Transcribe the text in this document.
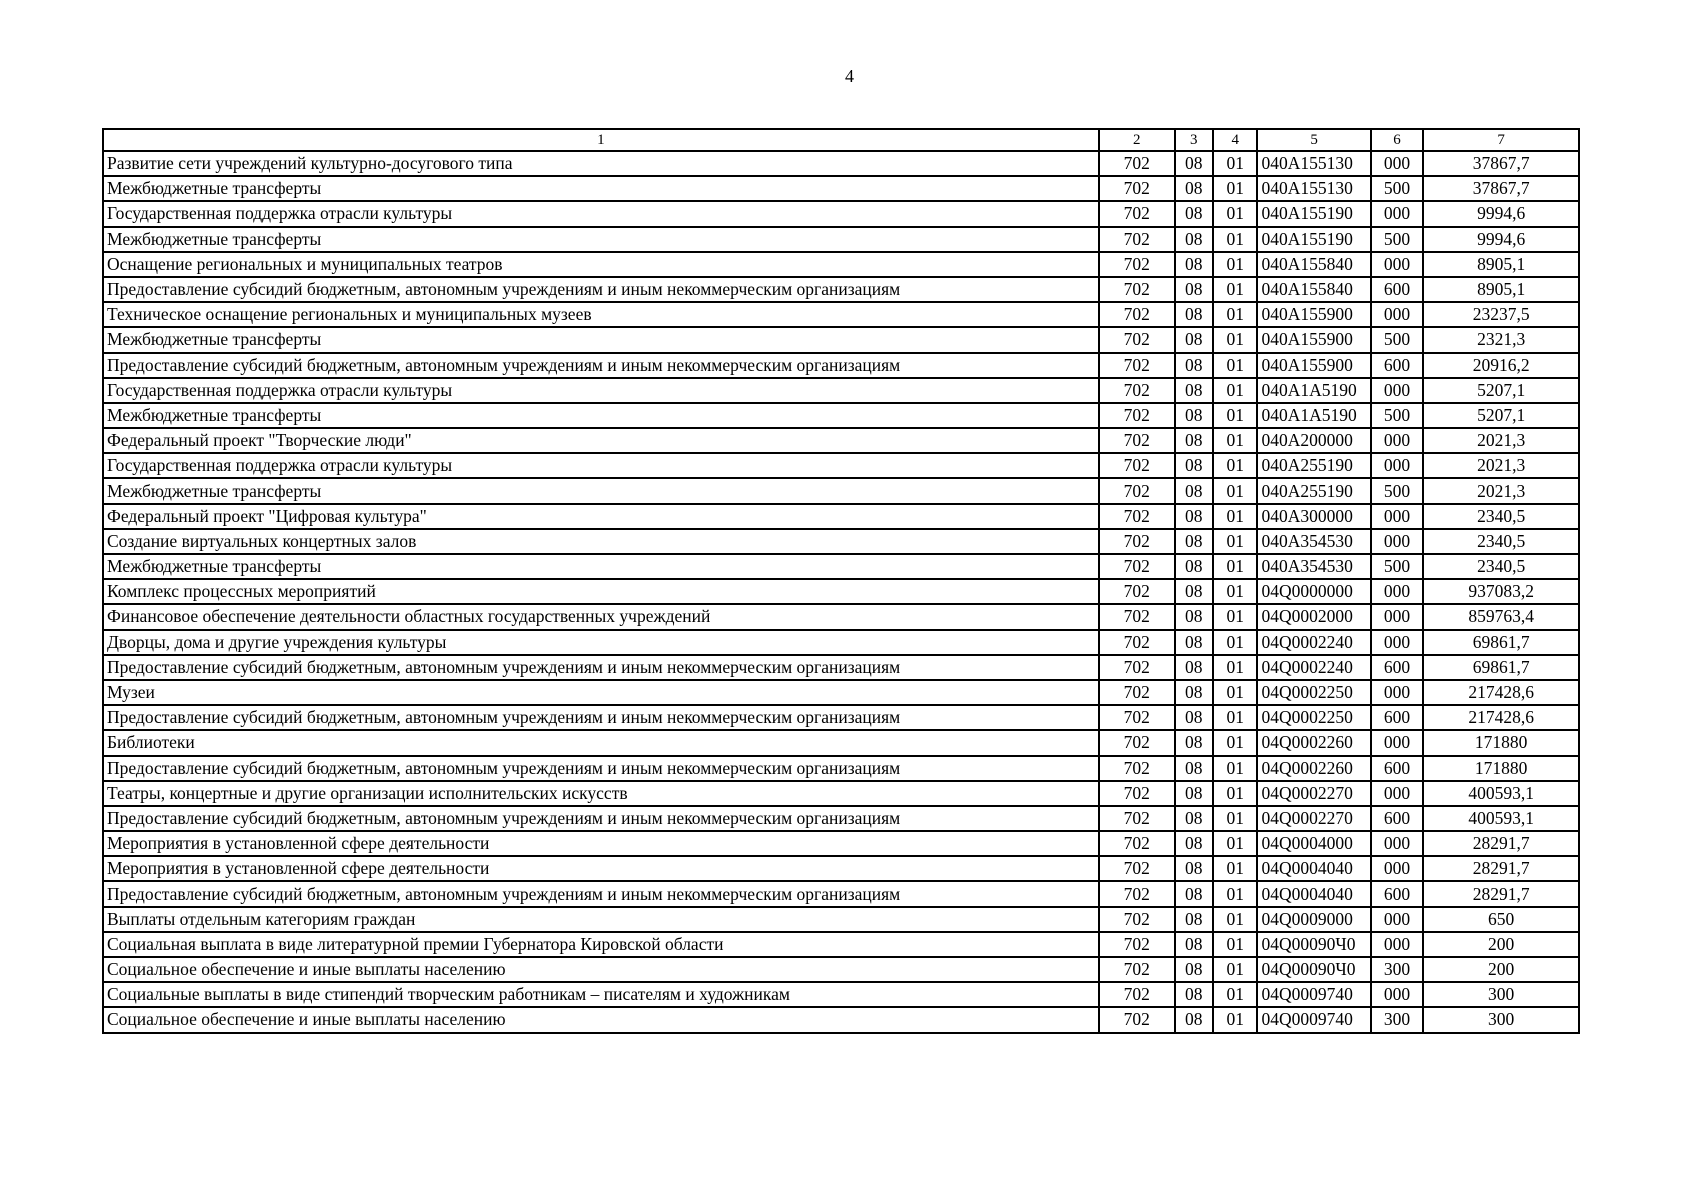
4
1	2	3	4	5	6	7
Развитие сети учреждений культурно-досугового типа	702	08	01	040A155130	000	37867,7
Межбюджетные трансферты	702	08	01	040A155130	500	37867,7
Государственная поддержка отрасли культуры	702	08	01	040A155190	000	9994,6
Межбюджетные трансферты	702	08	01	040A155190	500	9994,6
Оснащение региональных и муниципальных театров	702	08	01	040A155840	000	8905,1
Предоставление субсидий бюджетным, автономным учреждениям и иным некоммерческим организациям	702	08	01	040A155840	600	8905,1
Техническое оснащение региональных и муниципальных музеев	702	08	01	040A155900	000	23237,5
Межбюджетные трансферты	702	08	01	040A155900	500	2321,3
Предоставление субсидий бюджетным, автономным учреждениям и иным некоммерческим организациям	702	08	01	040A155900	600	20916,2
Государственная поддержка отрасли культуры	702	08	01	040A1A5190	000	5207,1
Межбюджетные трансферты	702	08	01	040A1A5190	500	5207,1
Федеральный проект "Творческие люди"	702	08	01	040A200000	000	2021,3
Государственная поддержка отрасли культуры	702	08	01	040A255190	000	2021,3
Межбюджетные трансферты	702	08	01	040A255190	500	2021,3
Федеральный проект "Цифровая культура"	702	08	01	040A300000	000	2340,5
Создание виртуальных концертных залов	702	08	01	040A354530	000	2340,5
Межбюджетные трансферты	702	08	01	040A354530	500	2340,5
Комплекс процессных мероприятий	702	08	01	04Q0000000	000	937083,2
Финансовое обеспечение деятельности областных государственных учреждений	702	08	01	04Q0002000	000	859763,4
Дворцы, дома и другие учреждения культуры	702	08	01	04Q0002240	000	69861,7
Предоставление субсидий бюджетным, автономным учреждениям и иным некоммерческим организациям	702	08	01	04Q0002240	600	69861,7
Музеи	702	08	01	04Q0002250	000	217428,6
Предоставление субсидий бюджетным, автономным учреждениям и иным некоммерческим организациям	702	08	01	04Q0002250	600	217428,6
Библиотеки	702	08	01	04Q0002260	000	171880
Предоставление субсидий бюджетным, автономным учреждениям и иным некоммерческим организациям	702	08	01	04Q0002260	600	171880
Театры, концертные и другие организации исполнительских искусств	702	08	01	04Q0002270	000	400593,1
Предоставление субсидий бюджетным, автономным учреждениям и иным некоммерческим организациям	702	08	01	04Q0002270	600	400593,1
Мероприятия в установленной сфере деятельности	702	08	01	04Q0004000	000	28291,7
Мероприятия в установленной сфере деятельности	702	08	01	04Q0004040	000	28291,7
Предоставление субсидий бюджетным, автономным учреждениям и иным некоммерческим организациям	702	08	01	04Q0004040	600	28291,7
Выплаты отдельным категориям граждан	702	08	01	04Q0009000	000	650
Социальная выплата в виде литературной премии Губернатора Кировской области	702	08	01	04Q00090Ч0	000	200
Социальное обеспечение и иные выплаты населению	702	08	01	04Q00090Ч0	300	200
Социальные выплаты в виде стипендий творческим работникам – писателям и художникам	702	08	01	04Q0009740	000	300
Социальное обеспечение и иные выплаты населению	702	08	01	04Q0009740	300	300
